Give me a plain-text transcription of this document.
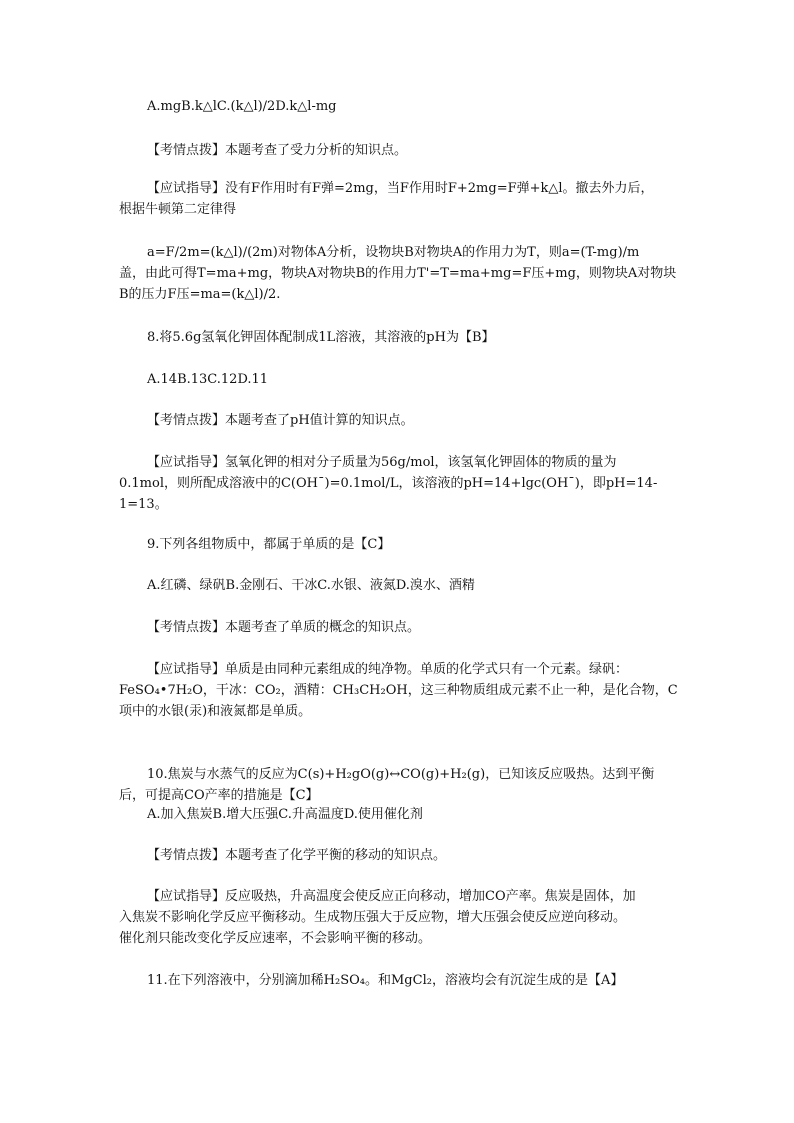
A.mgB.k△lC.(k△l)/2D.k△l-mg
【考情点拨】本题考查了受力分析的知识点。
【应试指导】没有F作用时有F弹=2mg，当F作用时F+2mg=F弹+k△l。撤去外力后，
根据牛顿第二定律得
a=F/2m=(k△l)/(2m)对物体A分析，设物块B对物块A的作用力为T，则a=(T-mg)/m
盖，由此可得T=ma+mg，物块A对物块B的作用力T'=T=ma+mg=F压+mg，则物块A对物块
B的压力F压=ma=(k△l)/2.
8.将5.6g氢氧化钾固体配制成1L溶液，其溶液的pH为【B】
A.14B.13C.12D.11
【考情点拨】本题考查了pH值计算的知识点。
【应试指导】氢氧化钾的相对分子质量为56g/mol，该氢氧化钾固体的物质的量为
0.1mol，则所配成溶液中的C(OH¯)=0.1mol/L，该溶液的pH=14+lgc(OH¯)，即pH=14-
1=13。
9.下列各组物质中，都属于单质的是【C】
A.红磷、绿矾B.金刚石、干冰C.水银、液氮D.溴水、酒精
【考情点拨】本题考查了单质的概念的知识点。
【应试指导】单质是由同种元素组成的纯净物。单质的化学式只有一个元素。绿矾：
FeSO₄•7H₂O，干冰：CO₂，酒精：CH₃CH₂OH，这三种物质组成元素不止一种，是化合物，C
项中的水银(汞)和液氮都是单质。
10.焦炭与水蒸气的反应为C(s)+H₂gO(g)↔CO(g)+H₂(g)，已知该反应吸热。达到平衡
后，可提高CO产率的措施是【C】
A.加入焦炭B.增大压强C.升高温度D.使用催化剂
【考情点拨】本题考查了化学平衡的移动的知识点。
【应试指导】反应吸热，升高温度会使反应正向移动，增加CO产率。焦炭是固体，加
入焦炭不影响化学反应平衡移动。生成物压强大于反应物，增大压强会使反应逆向移动。
催化剂只能改变化学反应速率，不会影响平衡的移动。
11.在下列溶液中，分别滴加稀H₂SO₄。和MgCl₂，溶液均会有沉淀生成的是【A】
